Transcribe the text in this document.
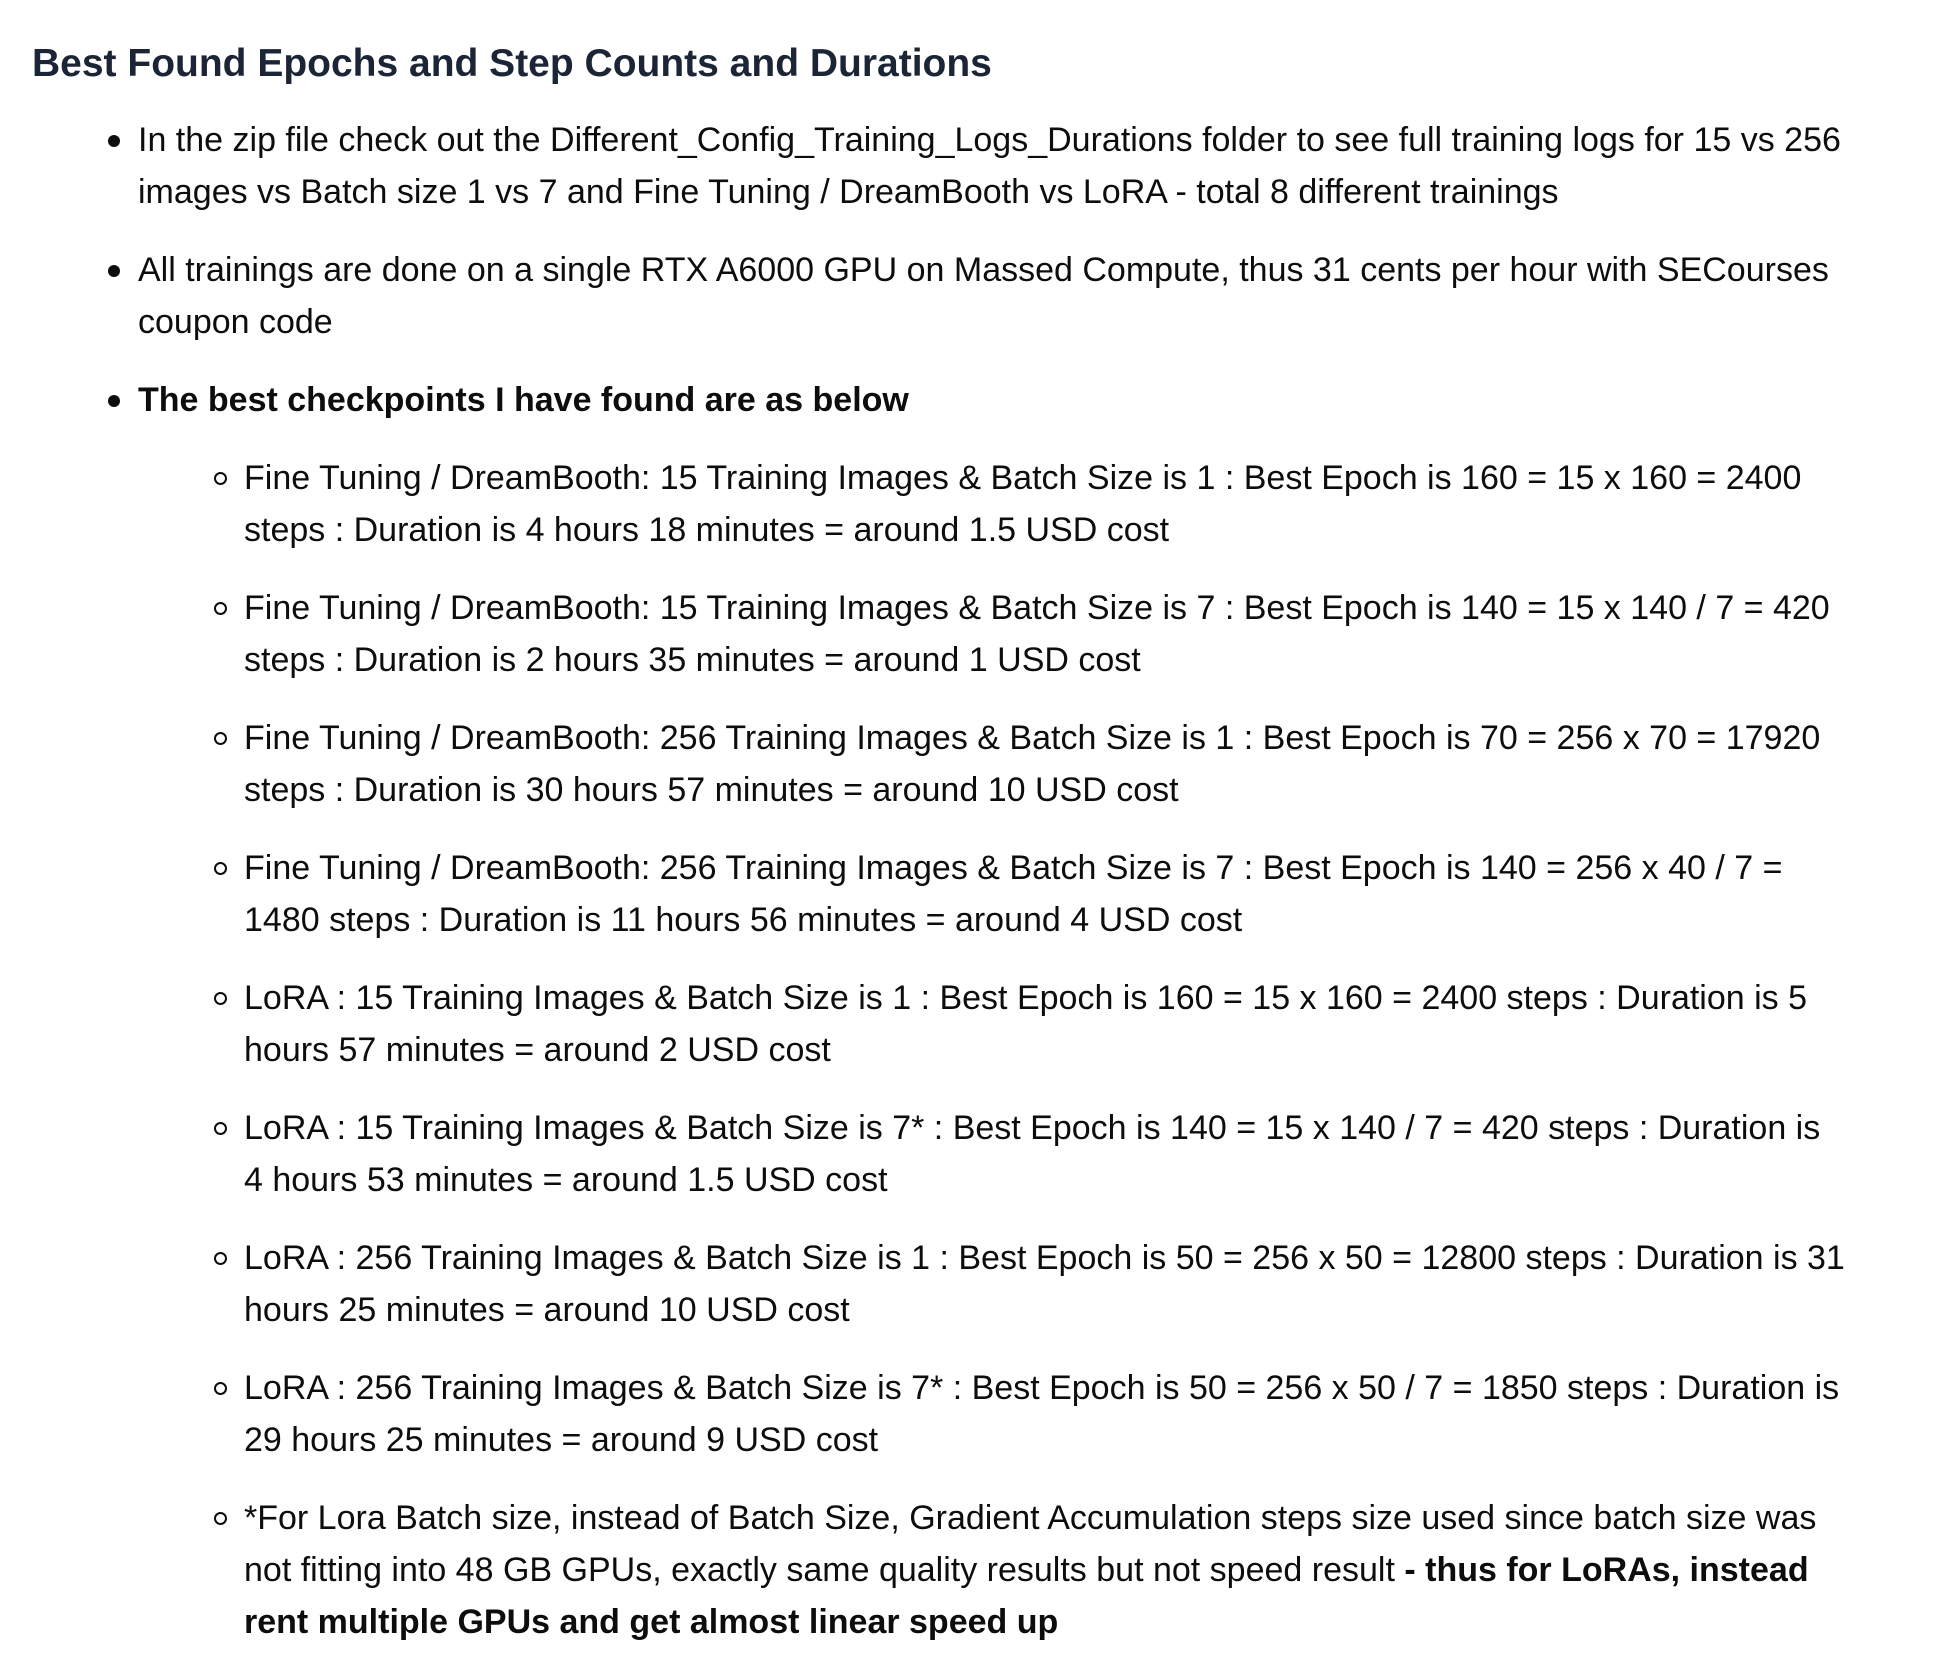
Best Found Epochs and Step Counts and Durations
In the zip file check out the Different_Config_Training_Logs_Durations folder to see full training logs for 15 vs 256 images vs Batch size 1 vs 7 and Fine Tuning / DreamBooth vs LoRA - total 8 different trainings
All trainings are done on a single RTX A6000 GPU on Massed Compute, thus 31 cents per hour with SECourses coupon code
The best checkpoints I have found are as below
Fine Tuning / DreamBooth: 15 Training Images & Batch Size is 1 : Best Epoch is 160 = 15 x 160 = 2400 steps : Duration is 4 hours 18 minutes = around 1.5 USD cost
Fine Tuning / DreamBooth: 15 Training Images & Batch Size is 7 : Best Epoch is 140 = 15 x 140 / 7 = 420 steps : Duration is 2 hours 35 minutes = around 1 USD cost
Fine Tuning / DreamBooth: 256 Training Images & Batch Size is 1 : Best Epoch is 70 = 256 x 70 = 17920 steps : Duration is 30 hours 57 minutes = around 10 USD cost
Fine Tuning / DreamBooth: 256 Training Images & Batch Size is 7 : Best Epoch is 140 = 256 x 40 / 7 = 1480 steps : Duration is 11 hours 56 minutes = around 4 USD cost
LoRA : 15 Training Images & Batch Size is 1 : Best Epoch is 160 = 15 x 160 = 2400 steps : Duration is 5 hours 57 minutes = around 2 USD cost
LoRA : 15 Training Images & Batch Size is 7* : Best Epoch is 140 = 15 x 140 / 7 = 420 steps : Duration is 4 hours 53 minutes = around 1.5 USD cost
LoRA : 256 Training Images & Batch Size is 1 : Best Epoch is 50 = 256 x 50 = 12800 steps : Duration is 31 hours 25 minutes = around 10 USD cost
LoRA : 256 Training Images & Batch Size is 7* : Best Epoch is 50 = 256 x 50 / 7 = 1850 steps : Duration is 29 hours 25 minutes = around 9 USD cost
*For Lora Batch size, instead of Batch Size, Gradient Accumulation steps size used since batch size was not fitting into 48 GB GPUs, exactly same quality results but not speed result - thus for LoRAs, instead rent multiple GPUs and get almost linear speed up
